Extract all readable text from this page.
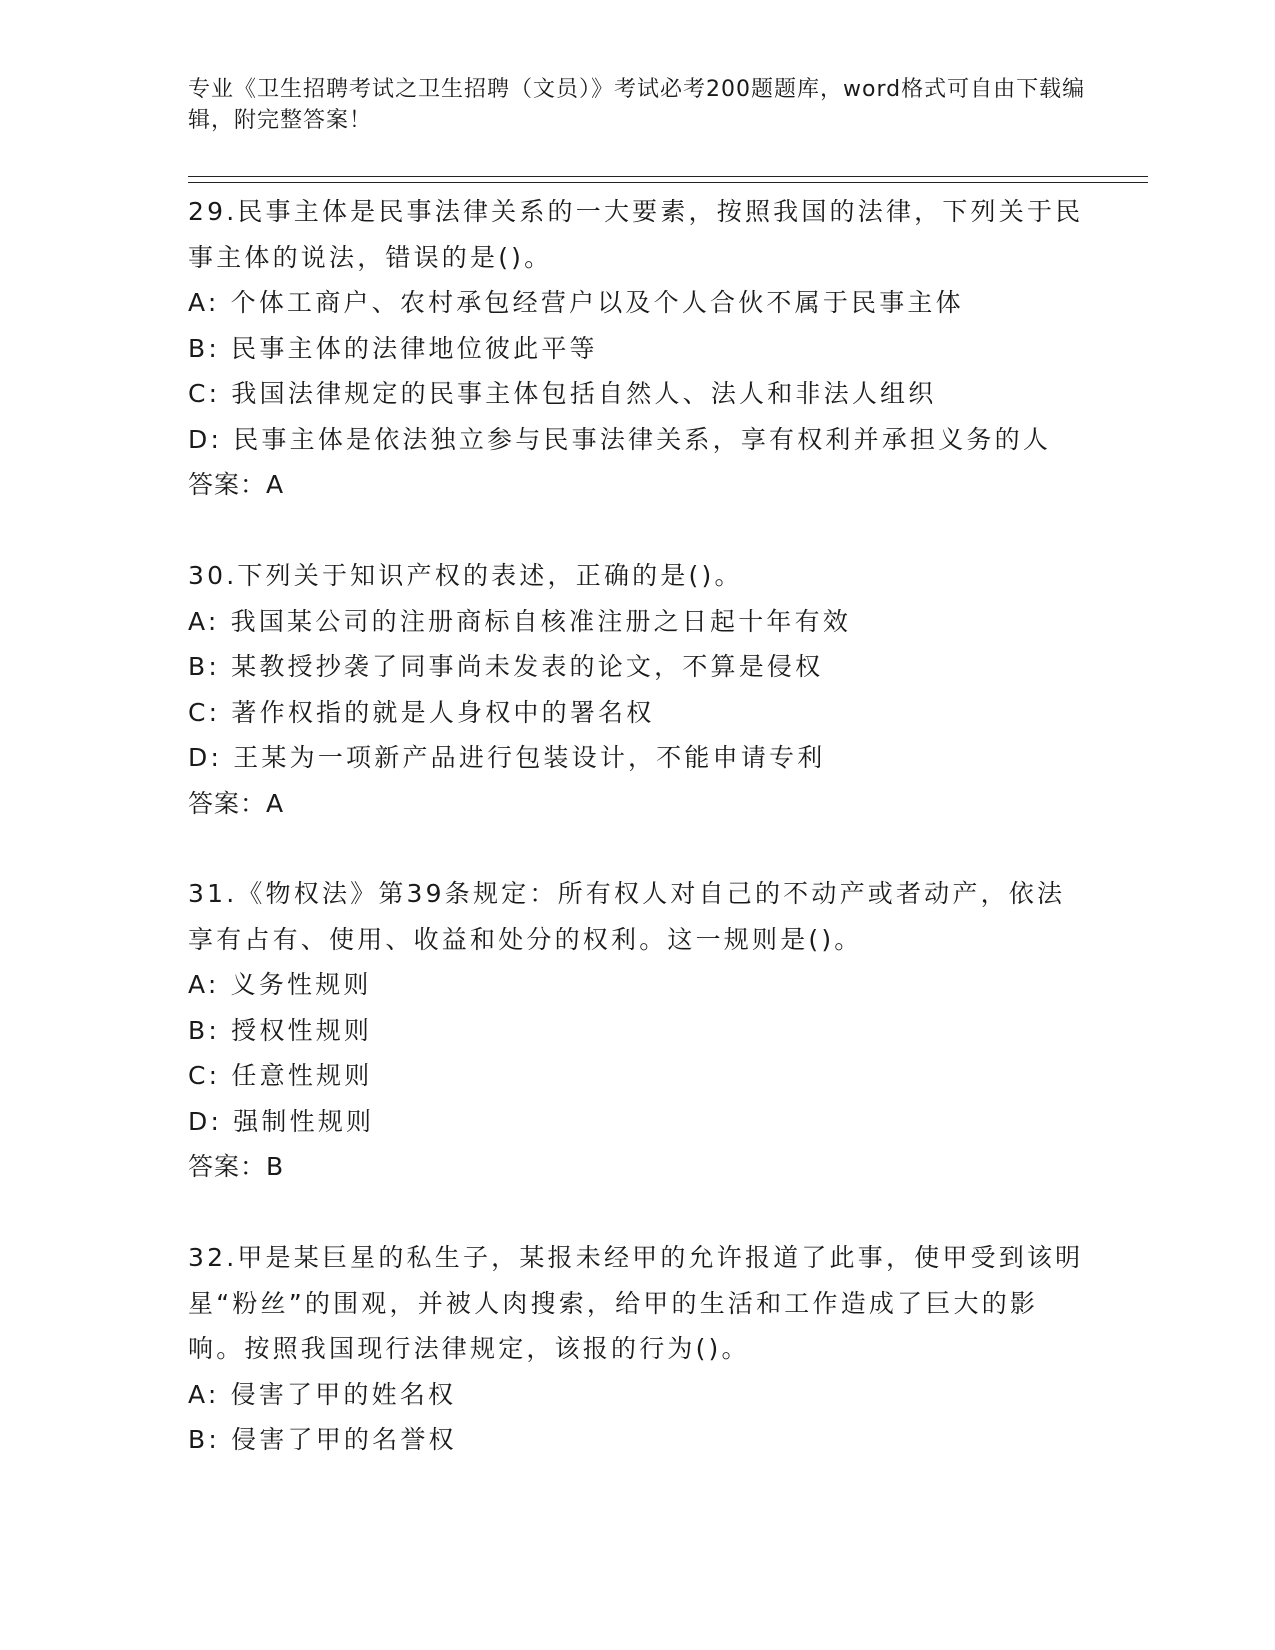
专业《卫生招聘考试之卫生招聘（文员）》考试必考200题题库，word格式可自由下载编辑，附完整答案！
29.民事主体是民事法律关系的一大要素，按照我国的法律，下列关于民事主体的说法，错误的是()。
A: 个体工商户、农村承包经营户以及个人合伙不属于民事主体
B: 民事主体的法律地位彼此平等
C: 我国法律规定的民事主体包括自然人、法人和非法人组织
D: 民事主体是依法独立参与民事法律关系，享有权利并承担义务的人
答案：A
30.下列关于知识产权的表述，正确的是()。
A: 我国某公司的注册商标自核准注册之日起十年有效
B: 某教授抄袭了同事尚未发表的论文，不算是侵权
C: 著作权指的就是人身权中的署名权
D: 王某为一项新产品进行包装设计，不能申请专利
答案：A
31.《物权法》第39条规定：所有权人对自己的不动产或者动产，依法享有占有、使用、收益和处分的权利。这一规则是()。
A: 义务性规则
B: 授权性规则
C: 任意性规则
D: 强制性规则
答案：B
32.甲是某巨星的私生子，某报未经甲的允许报道了此事，使甲受到该明星“粉丝”的围观，并被人肉搜索，给甲的生活和工作造成了巨大的影响。按照我国现行法律规定，该报的行为()。
A: 侵害了甲的姓名权
B: 侵害了甲的名誉权
